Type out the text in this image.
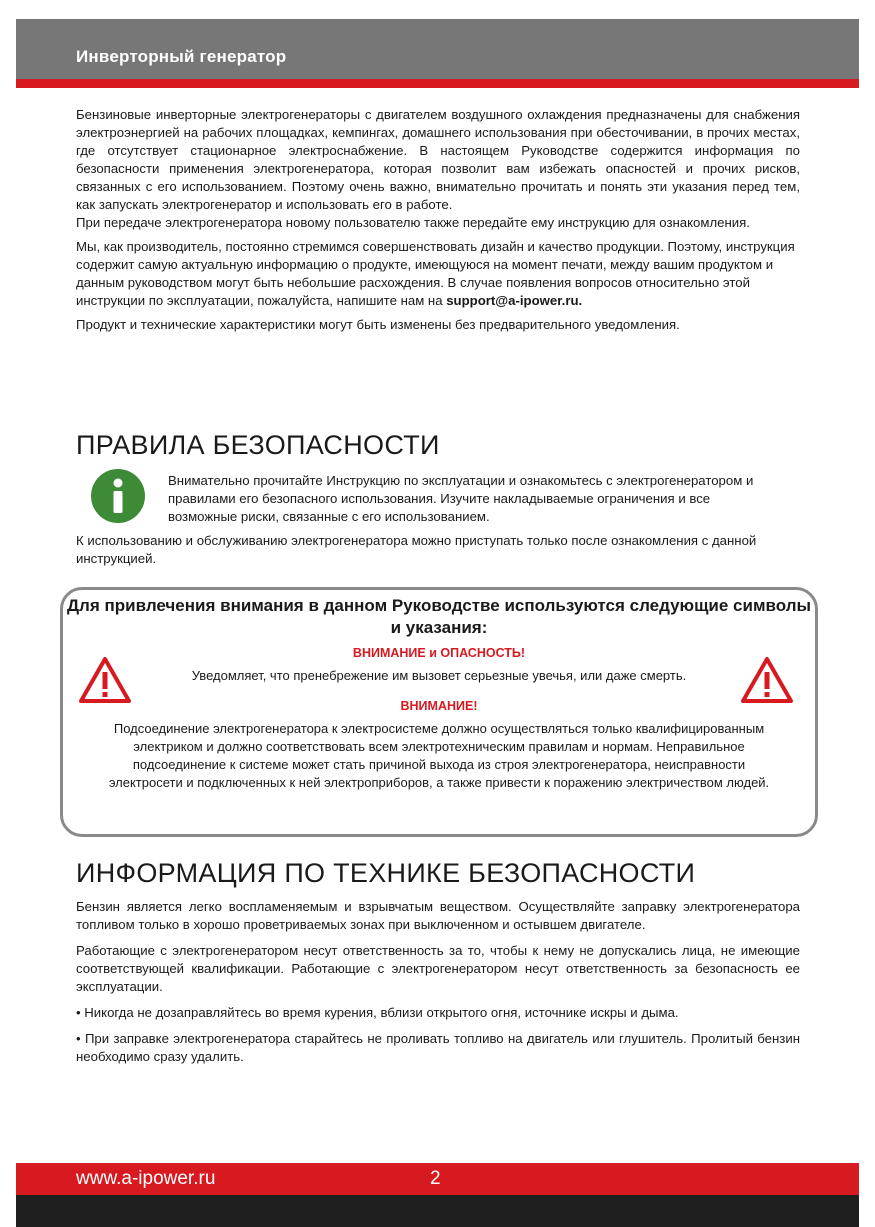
Инверторный генератор

Бензиновые инверторные электрогенераторы с двигателем воздушного охлаждения предназначены для снабжения электроэнергией на рабочих площадках, кемпингах, домашнего использования при обесточивании, в прочих местах, где отсутствует стационарное электроснабжение. В настоящем Руководстве содержится информация по безопасности применения электрогенератора, которая позволит вам избежать опасностей и прочих рисков, связанных с его использованием. Поэтому очень важно, внимательно прочитать и понять эти указания перед тем, как запускать электрогенератор и использовать его в работе.

При передаче электрогенератора новому пользователю также передайте ему инструкцию для ознакомления.

Мы, как производитель, постоянно стремимся совершенствовать дизайн и качество продукции. Поэтому, инструкция содержит самую актуальную информацию о продукте, имеющуюся на момент печати, между вашим продуктом и данным руководством могут быть небольшие расхождения. В случае появления вопросов относительно этой инструкции по эксплуатации, пожалуйста, напишите нам на support@a-ipower.ru.

Продукт и технические характеристики могут быть изменены без предварительного уведомления.

ПРАВИЛА БЕЗОПАСНОСТИ

Внимательно прочитайте Инструкцию по эксплуатации и ознакомьтесь с электрогенератором и правилами его безопасного использования. Изучите накладываемые ограничения и все возможные риски, связанные с его использованием.

К использованию и обслуживанию электрогенератора можно приступать только после ознакомления с данной инструкцией.

Для привлечения внимания в данном Руководстве используются следующие символы и указания:
ВНИМАНИЕ и ОПАСНОСТЬ!
Уведомляет, что пренебрежение им вызовет серьезные увечья, или даже смерть.
ВНИМАНИЕ!

Подсоединение электрогенератора к электросистеме должно осуществляться только квалифицированным электриком и должно соответствовать всем электротехническим правилам и нормам. Неправильное подсоединение к системе может стать причиной выхода из строя электрогенератора, неисправности электросети и подключенных к ней электроприборов, а также привести к поражению электричеством людей.

ИНФОРМАЦИЯ ПО ТЕХНИКЕ БЕЗОПАСНОСТИ

Бензин является легко воспламеняемым и взрывчатым веществом. Осуществляйте заправку электрогенератора топливом только в хорошо проветриваемых зонах при выключенном и остывшем двигателе.

Работающие с электрогенератором несут ответственность за то, чтобы к нему не допускались лица, не имеющие соответствующей квалификации. Работающие с электрогенератором несут ответственность за безопасность ее эксплуатации.

• Никогда не дозаправляйтесь во время курения, вблизи открытого огня, источнике искры и дыма.

• При заправке электрогенератора старайтесь не проливать топливо на двигатель или глушитель. Пролитый бензин необходимо сразу удалить.

www.a-ipower.ru	2
